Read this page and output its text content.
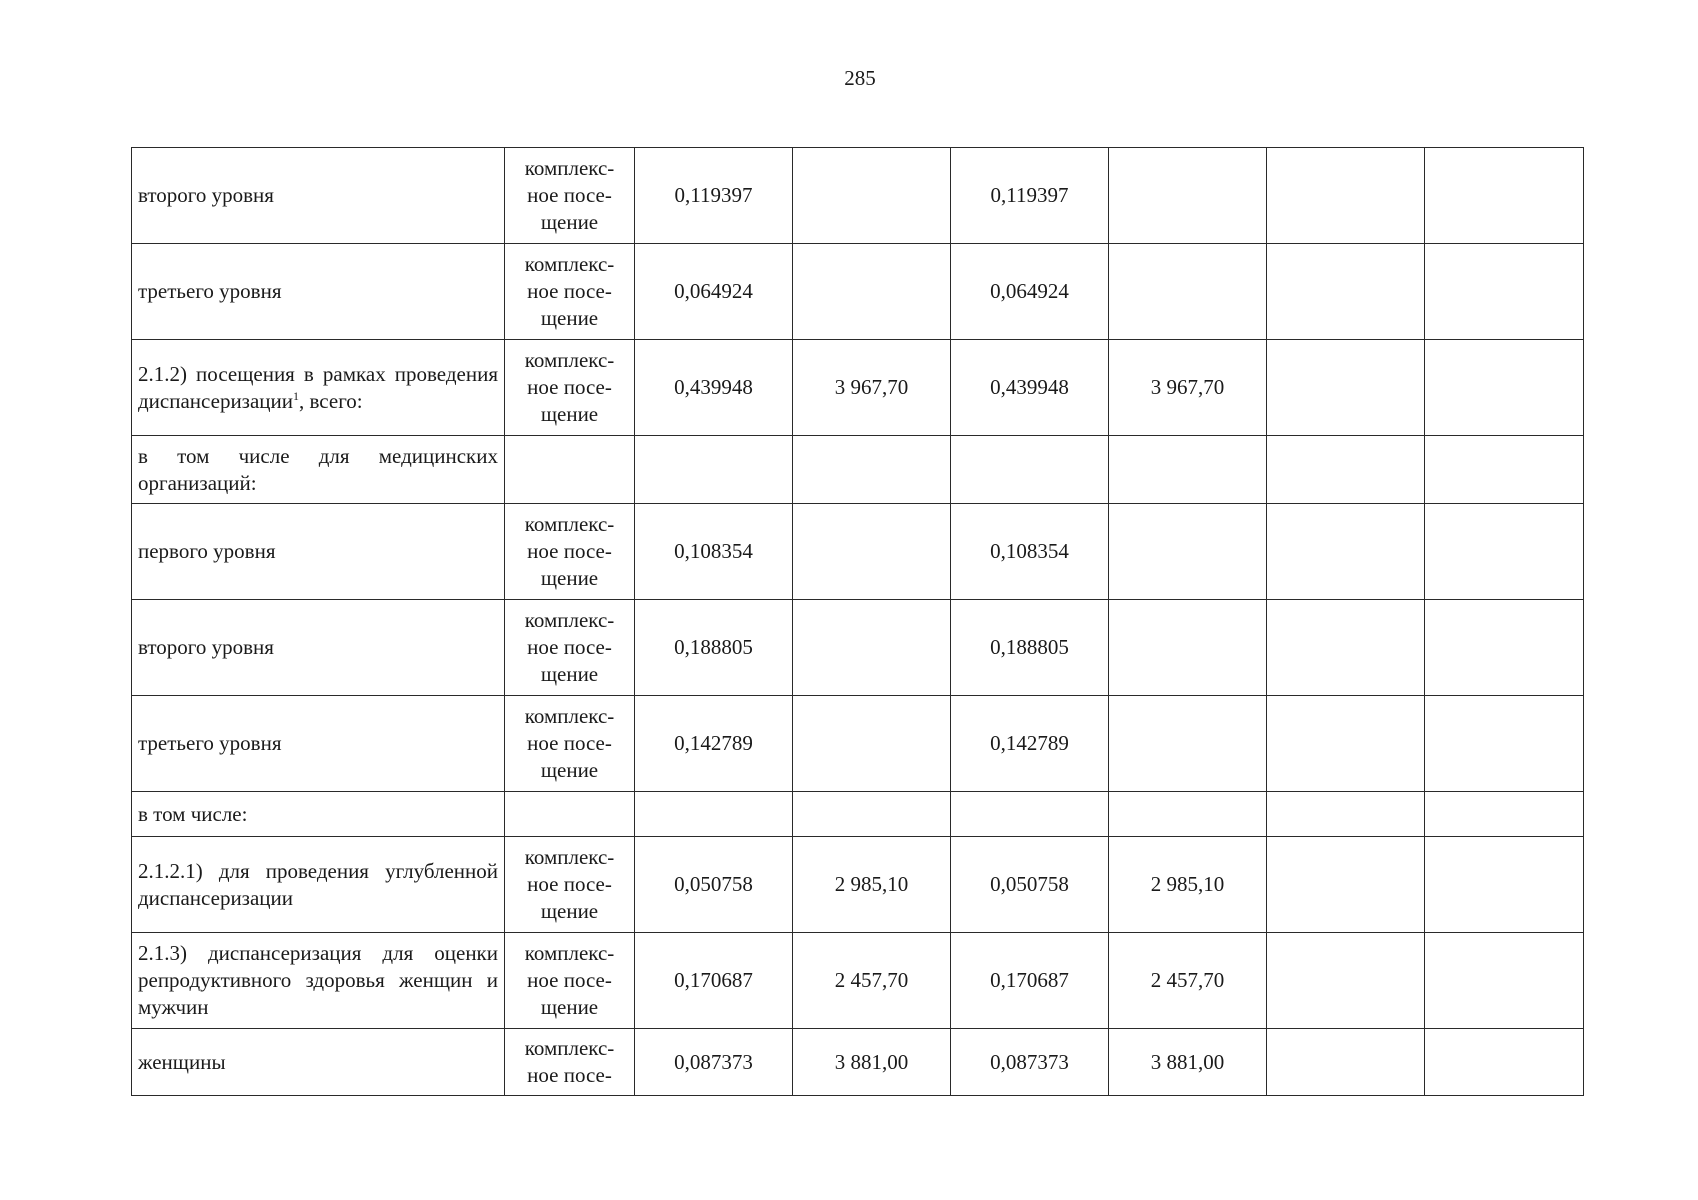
285
второго уровня	комплекс-ное посе-щение	0,119397		0,119397			
третьего уровня	комплекс-ное посе-щение	0,064924		0,064924			
2.1.2) посещения в рамках проведения диспансеризации$^1$, всего:	комплекс-ное посе-щение	0,439948	3 967,70	0,439948	3 967,70		
в том числе для медицинских организаций:							
первого уровня	комплекс-ное посе-щение	0,108354		0,108354			
второго уровня	комплекс-ное посе-щение	0,188805		0,188805			
третьего уровня	комплекс-ное посе-щение	0,142789		0,142789			
в том числе:							
2.1.2.1) для проведения углубленной диспансеризации	комплекс-ное посе-щение	0,050758	2 985,10	0,050758	2 985,10		
2.1.3) диспансеризация для оценки репродуктивного здоровья женщин и мужчин	комплекс-ное посе-щение	0,170687	2 457,70	0,170687	2 457,70		
женщины	комплекс-ное посе-	0,087373	3 881,00	0,087373	3 881,00		
